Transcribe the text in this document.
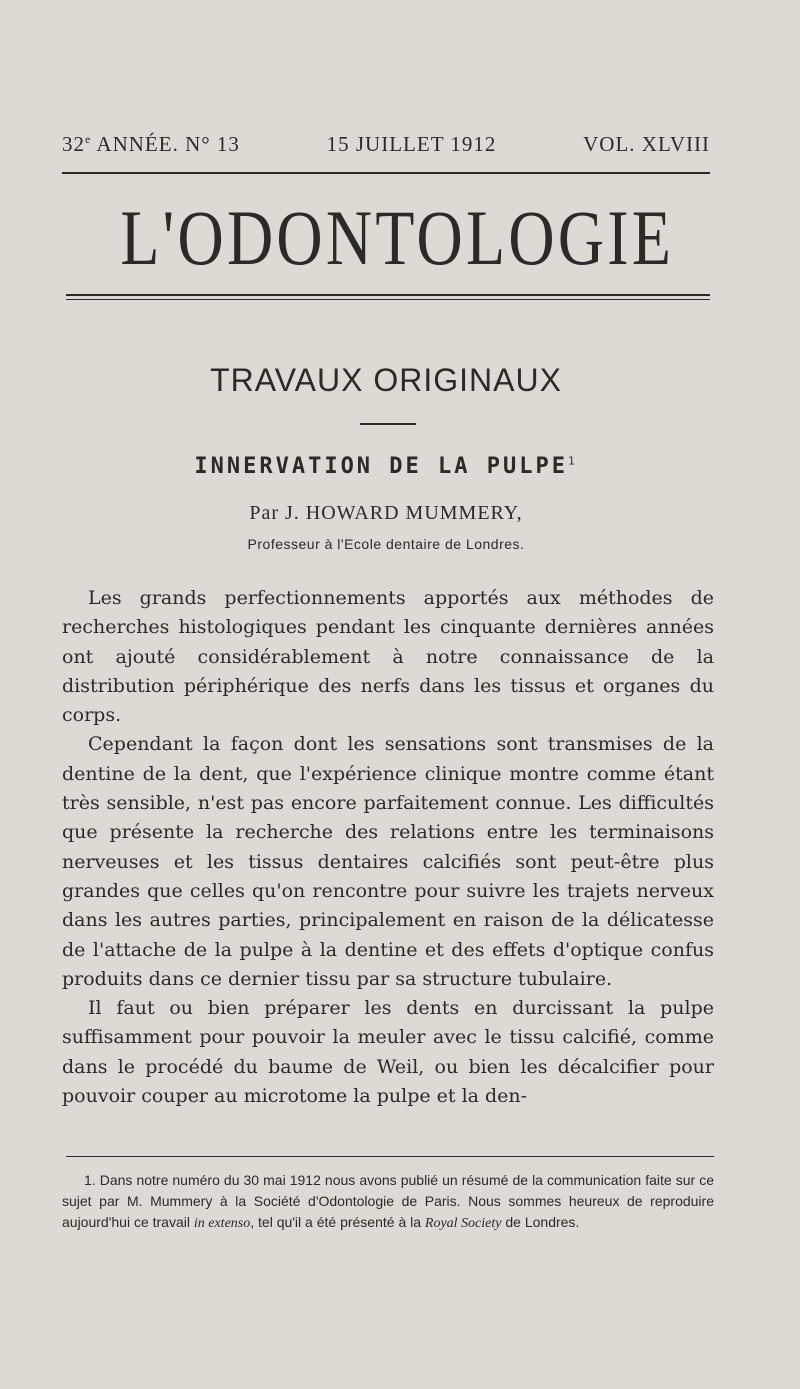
32e ANNÉE. N° 13	15 JUILLET 1912	VOL. XLVIII
L'ODONTOLOGIE
TRAVAUX ORIGINAUX
INNERVATION DE LA PULPE$^1$
Par J. HOWARD MUMMERY,
Professeur à l'Ecole dentaire de Londres.

Les grands perfectionnements apportés aux méthodes de recherches histologiques pendant les cinquante dernières années ont ajouté considérablement à notre connaissance de la distribution périphérique des nerfs dans les tissus et organes du corps.

Cependant la façon dont les sensations sont transmises de la dentine de la dent, que l'expérience clinique montre comme étant très sensible, n'est pas encore parfaitement connue. Les difficultés que présente la recherche des relations entre les terminaisons nerveuses et les tissus dentaires calcifiés sont peut-être plus grandes que celles qu'on rencontre pour suivre les trajets nerveux dans les autres parties, principalement en raison de la délicatesse de l'attache de la pulpe à la dentine et des effets d'optique confus produits dans ce dernier tissu par sa structure tubulaire.

Il faut ou bien préparer les dents en durcissant la pulpe suffisamment pour pouvoir la meuler avec le tissu calcifié, comme dans le procédé du baume de Weil, ou bien les décalcifier pour pouvoir couper au microtome la pulpe et la den-

1. Dans notre numéro du 30 mai 1912 nous avons publié un résumé de la communication faite sur ce sujet par M. Mummery à la Société d'Odontologie de Paris. Nous sommes heureux de reproduire aujourd'hui ce travail in extenso, tel qu'il a été présenté à la Royal Society de Londres.
